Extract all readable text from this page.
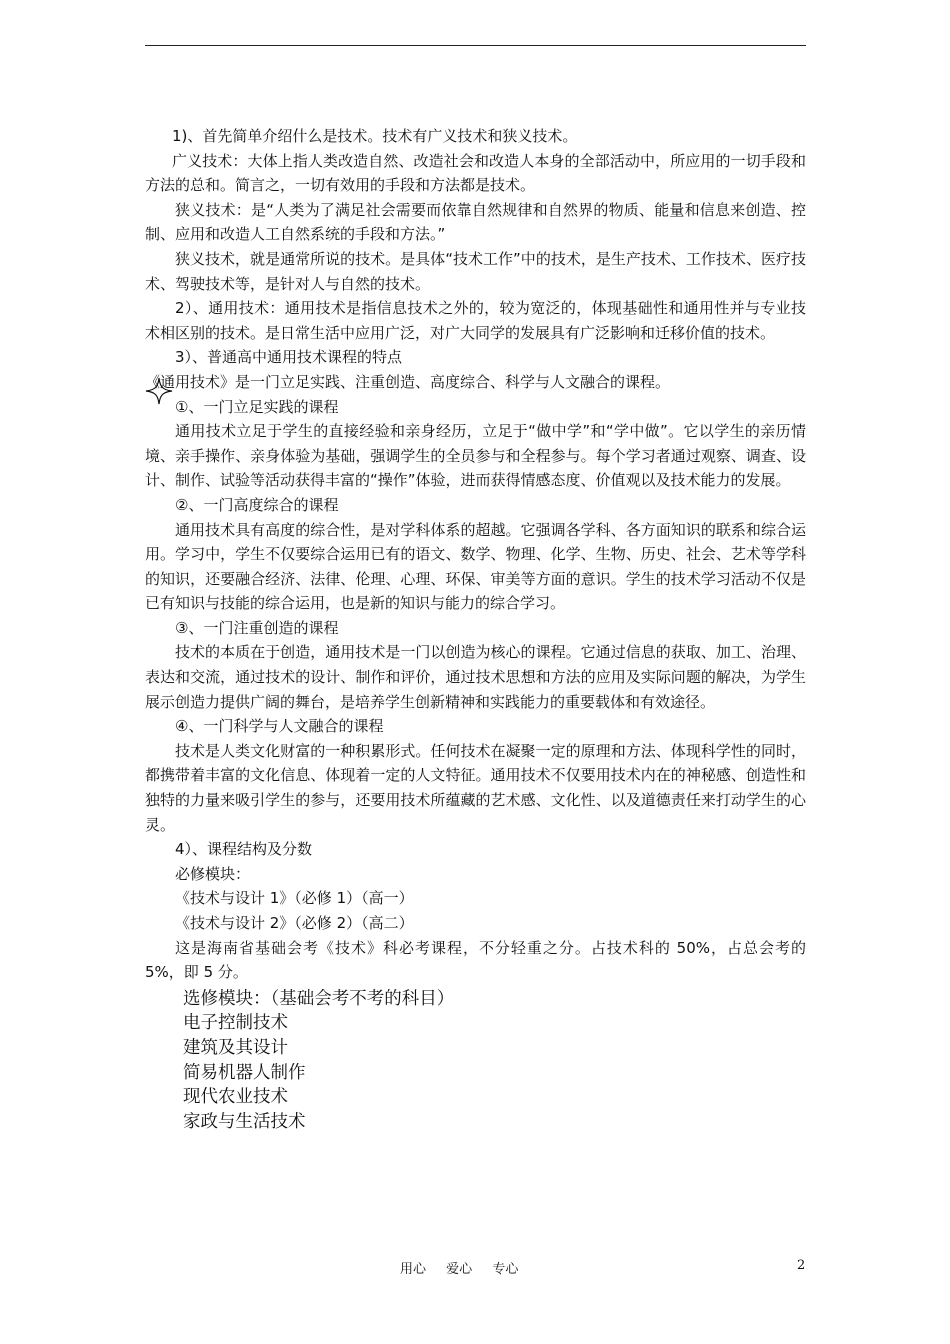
1)、首先简单介绍什么是技术。技术有广义技术和狭义技术。

广义技术：大体上指人类改造自然、改造社会和改造人本身的全部活动中，所应用的一切手段和方法的总和。简言之，一切有效用的手段和方法都是技术。

狭义技术：是“人类为了满足社会需要而依靠自然规律和自然界的物质、能量和信息来创造、控制、应用和改造人工自然系统的手段和方法。”

狭义技术，就是通常所说的技术。是具体“技术工作”中的技术，是生产技术、工作技术、医疗技术、驾驶技术等，是针对人与自然的技术。

2）、通用技术：通用技术是指信息技术之外的，较为宽泛的，体现基础性和通用性并与专业技术相区别的技术。是日常生活中应用广泛，对广大同学的发展具有广泛影响和迁移价值的技术。

3）、普通高中通用技术课程的特点

《通用技术》是一门立足实践、注重创造、高度综合、科学与人文融合的课程。

①、一门立足实践的课程

通用技术立足于学生的直接经验和亲身经历，立足于“做中学”和“学中做”。它以学生的亲历情境、亲手操作、亲身体验为基础，强调学生的全员参与和全程参与。每个学习者通过观察、调查、设计、制作、试验等活动获得丰富的“操作”体验，进而获得情感态度、价值观以及技术能力的发展。

②、一门高度综合的课程

通用技术具有高度的综合性，是对学科体系的超越。它强调各学科、各方面知识的联系和综合运用。学习中，学生不仅要综合运用已有的语文、数学、物理、化学、生物、历史、社会、艺术等学科的知识，还要融合经济、法律、伦理、心理、环保、审美等方面的意识。学生的技术学习活动不仅是已有知识与技能的综合运用，也是新的知识与能力的综合学习。

③、一门注重创造的课程

技术的本质在于创造，通用技术是一门以创造为核心的课程。它通过信息的获取、加工、治理、表达和交流，通过技术的设计、制作和评价，通过技术思想和方法的应用及实际问题的解决，为学生展示创造力提供广阔的舞台，是培养学生创新精神和实践能力的重要载体和有效途径。

④、一门科学与人文融合的课程

技术是人类文化财富的一种积累形式。任何技术在凝聚一定的原理和方法、体现科学性的同时，都携带着丰富的文化信息、体现着一定的人文特征。通用技术不仅要用技术内在的神秘感、创造性和独特的力量来吸引学生的参与，还要用技术所蕴藏的艺术感、文化性、以及道德责任来打动学生的心灵。

4）、课程结构及分数

必修模块：

《技术与设计 1》（必修 1）（高一）

《技术与设计 2》（必修 2）（高二）

这是海南省基础会考《技术》科必考课程，不分轻重之分。占技术科的 50%，占总会考的 5%，即 5 分。

选修模块：（基础会考不考的科目）

电子控制技术

建筑及其设计

简易机器人制作

现代农业技术

家政与生活技术

用心 爱心 专心	2
